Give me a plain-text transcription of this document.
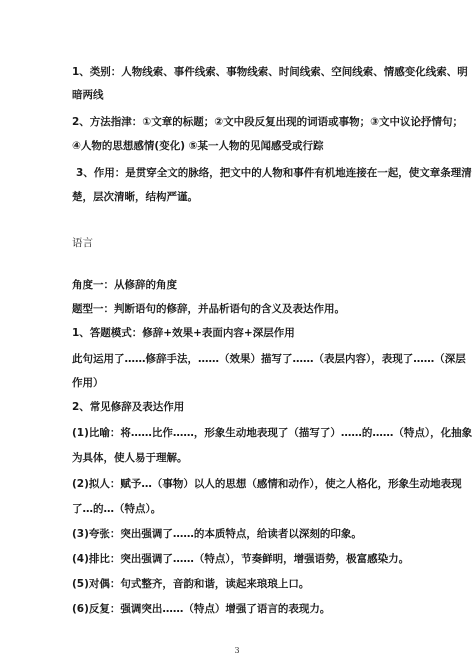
1、类别：人物线索、事件线索、事物线索、时间线索、空间线索、情感变化线索、明
暗两线
2、方法指津：①文章的标题；②文中段反复出现的词语或事物；③文中议论抒情句；
④人物的思想感情(变化) ⑤某一人物的见闻感受或行踪
3、作用：是贯穿全文的脉络，把文中的人物和事件有机地连接在一起，使文章条理清
楚，层次清晰，结构严谨。
语言
角度一：从修辞的角度
题型一：判断语句的修辞，并品析语句的含义及表达作用。
1、答题模式：修辞+效果+表面内容+深层作用
此句运用了……修辞手法，……（效果）描写了……（表层内容），表现了……（深层
作用）
2、常见修辞及表达作用
(1)比喻：将……比作……，形象生动地表现了（描写了）……的……（特点），化抽象
为具体，使人易于理解。
(2)拟人：赋予…（事物）以人的思想（感情和动作），使之人格化，形象生动地表现
了…的…（特点）。
(3)夸张：突出强调了……的本质特点，给读者以深刻的印象。
(4)排比：突出强调了……（特点），节奏鲜明，增强语势，极富感染力。
(5)对偶：句式整齐，音韵和谐，读起来琅琅上口。
(6)反复：强调突出……（特点）增强了语言的表现力。
3
